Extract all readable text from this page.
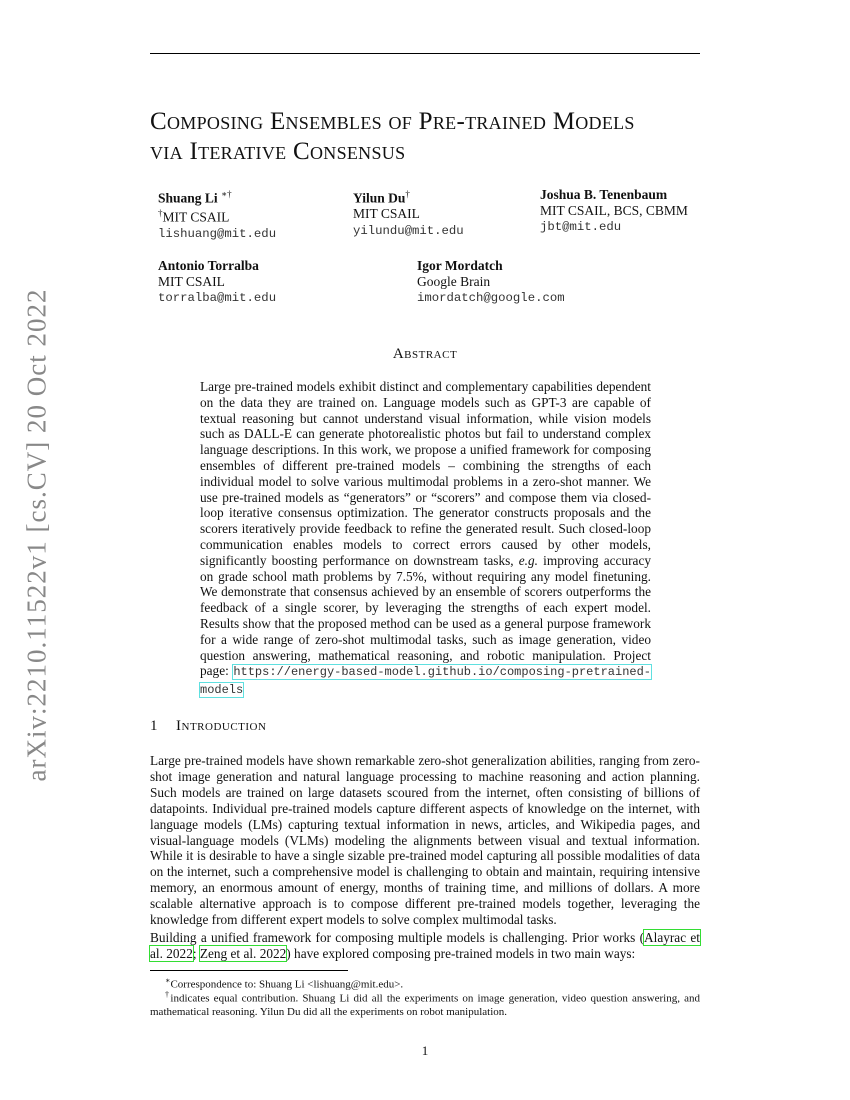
arXiv:2210.11522v1 [cs.CV] 20 Oct 2022
Composing Ensembles of Pre-trained Models
via Iterative Consensus
Shuang Li ∗†
†MIT CSAIL
lishuang@mit.edu
Yilun Du†
MIT CSAIL
yilundu@mit.edu
Joshua B. Tenenbaum
MIT CSAIL, BCS, CBMM
jbt@mit.edu
Antonio Torralba
MIT CSAIL
torralba@mit.edu
Igor Mordatch
Google Brain
imordatch@google.com
Abstract
Large pre-trained models exhibit distinct and complementary capabilities dependent on the data they are trained on. Language models such as GPT-3 are capable of textual reasoning but cannot understand visual information, while vision models such as DALL-E can generate photorealistic photos but fail to understand complex language descriptions. In this work, we propose a unified framework for composing ensembles of different pre-trained models – combining the strengths of each individual model to solve various multimodal problems in a zero-shot manner. We use pre-trained models as “generators” or “scorers” and compose them via closed-loop iterative consensus optimization. The generator constructs proposals and the scorers iteratively provide feedback to refine the generated result. Such closed-loop communication enables models to correct errors caused by other models, significantly boosting performance on downstream tasks, e.g. improving accuracy on grade school math problems by 7.5%, without requiring any model finetuning. We demonstrate that consensus achieved by an ensemble of scorers outperforms the feedback of a single scorer, by leveraging the strengths of each expert model. Results show that the proposed method can be used as a general purpose framework for a wide range of zero-shot multimodal tasks, such as image generation, video question answering, mathematical reasoning, and robotic manipulation. Project page: https://energy-based-model.github.io/composing-pretrained-models
1 Introduction
Large pre-trained models have shown remarkable zero-shot generalization abilities, ranging from zero-shot image generation and natural language processing to machine reasoning and action planning. Such models are trained on large datasets scoured from the internet, often consisting of billions of datapoints. Individual pre-trained models capture different aspects of knowledge on the internet, with language models (LMs) capturing textual information in news, articles, and Wikipedia pages, and visual-language models (VLMs) modeling the alignments between visual and textual information. While it is desirable to have a single sizable pre-trained model capturing all possible modalities of data on the internet, such a comprehensive model is challenging to obtain and maintain, requiring intensive memory, an enormous amount of energy, months of training time, and millions of dollars. A more scalable alternative approach is to compose different pre-trained models together, leveraging the knowledge from different expert models to solve complex multimodal tasks.
Building a unified framework for composing multiple models is challenging. Prior works (Alayrac et al. 2022; Zeng et al. 2022) have explored composing pre-trained models in two main ways:
∗Correspondence to: Shuang Li <lishuang@mit.edu>.
†indicates equal contribution. Shuang Li did all the experiments on image generation, video question answering, and mathematical reasoning. Yilun Du did all the experiments on robot manipulation.
1
